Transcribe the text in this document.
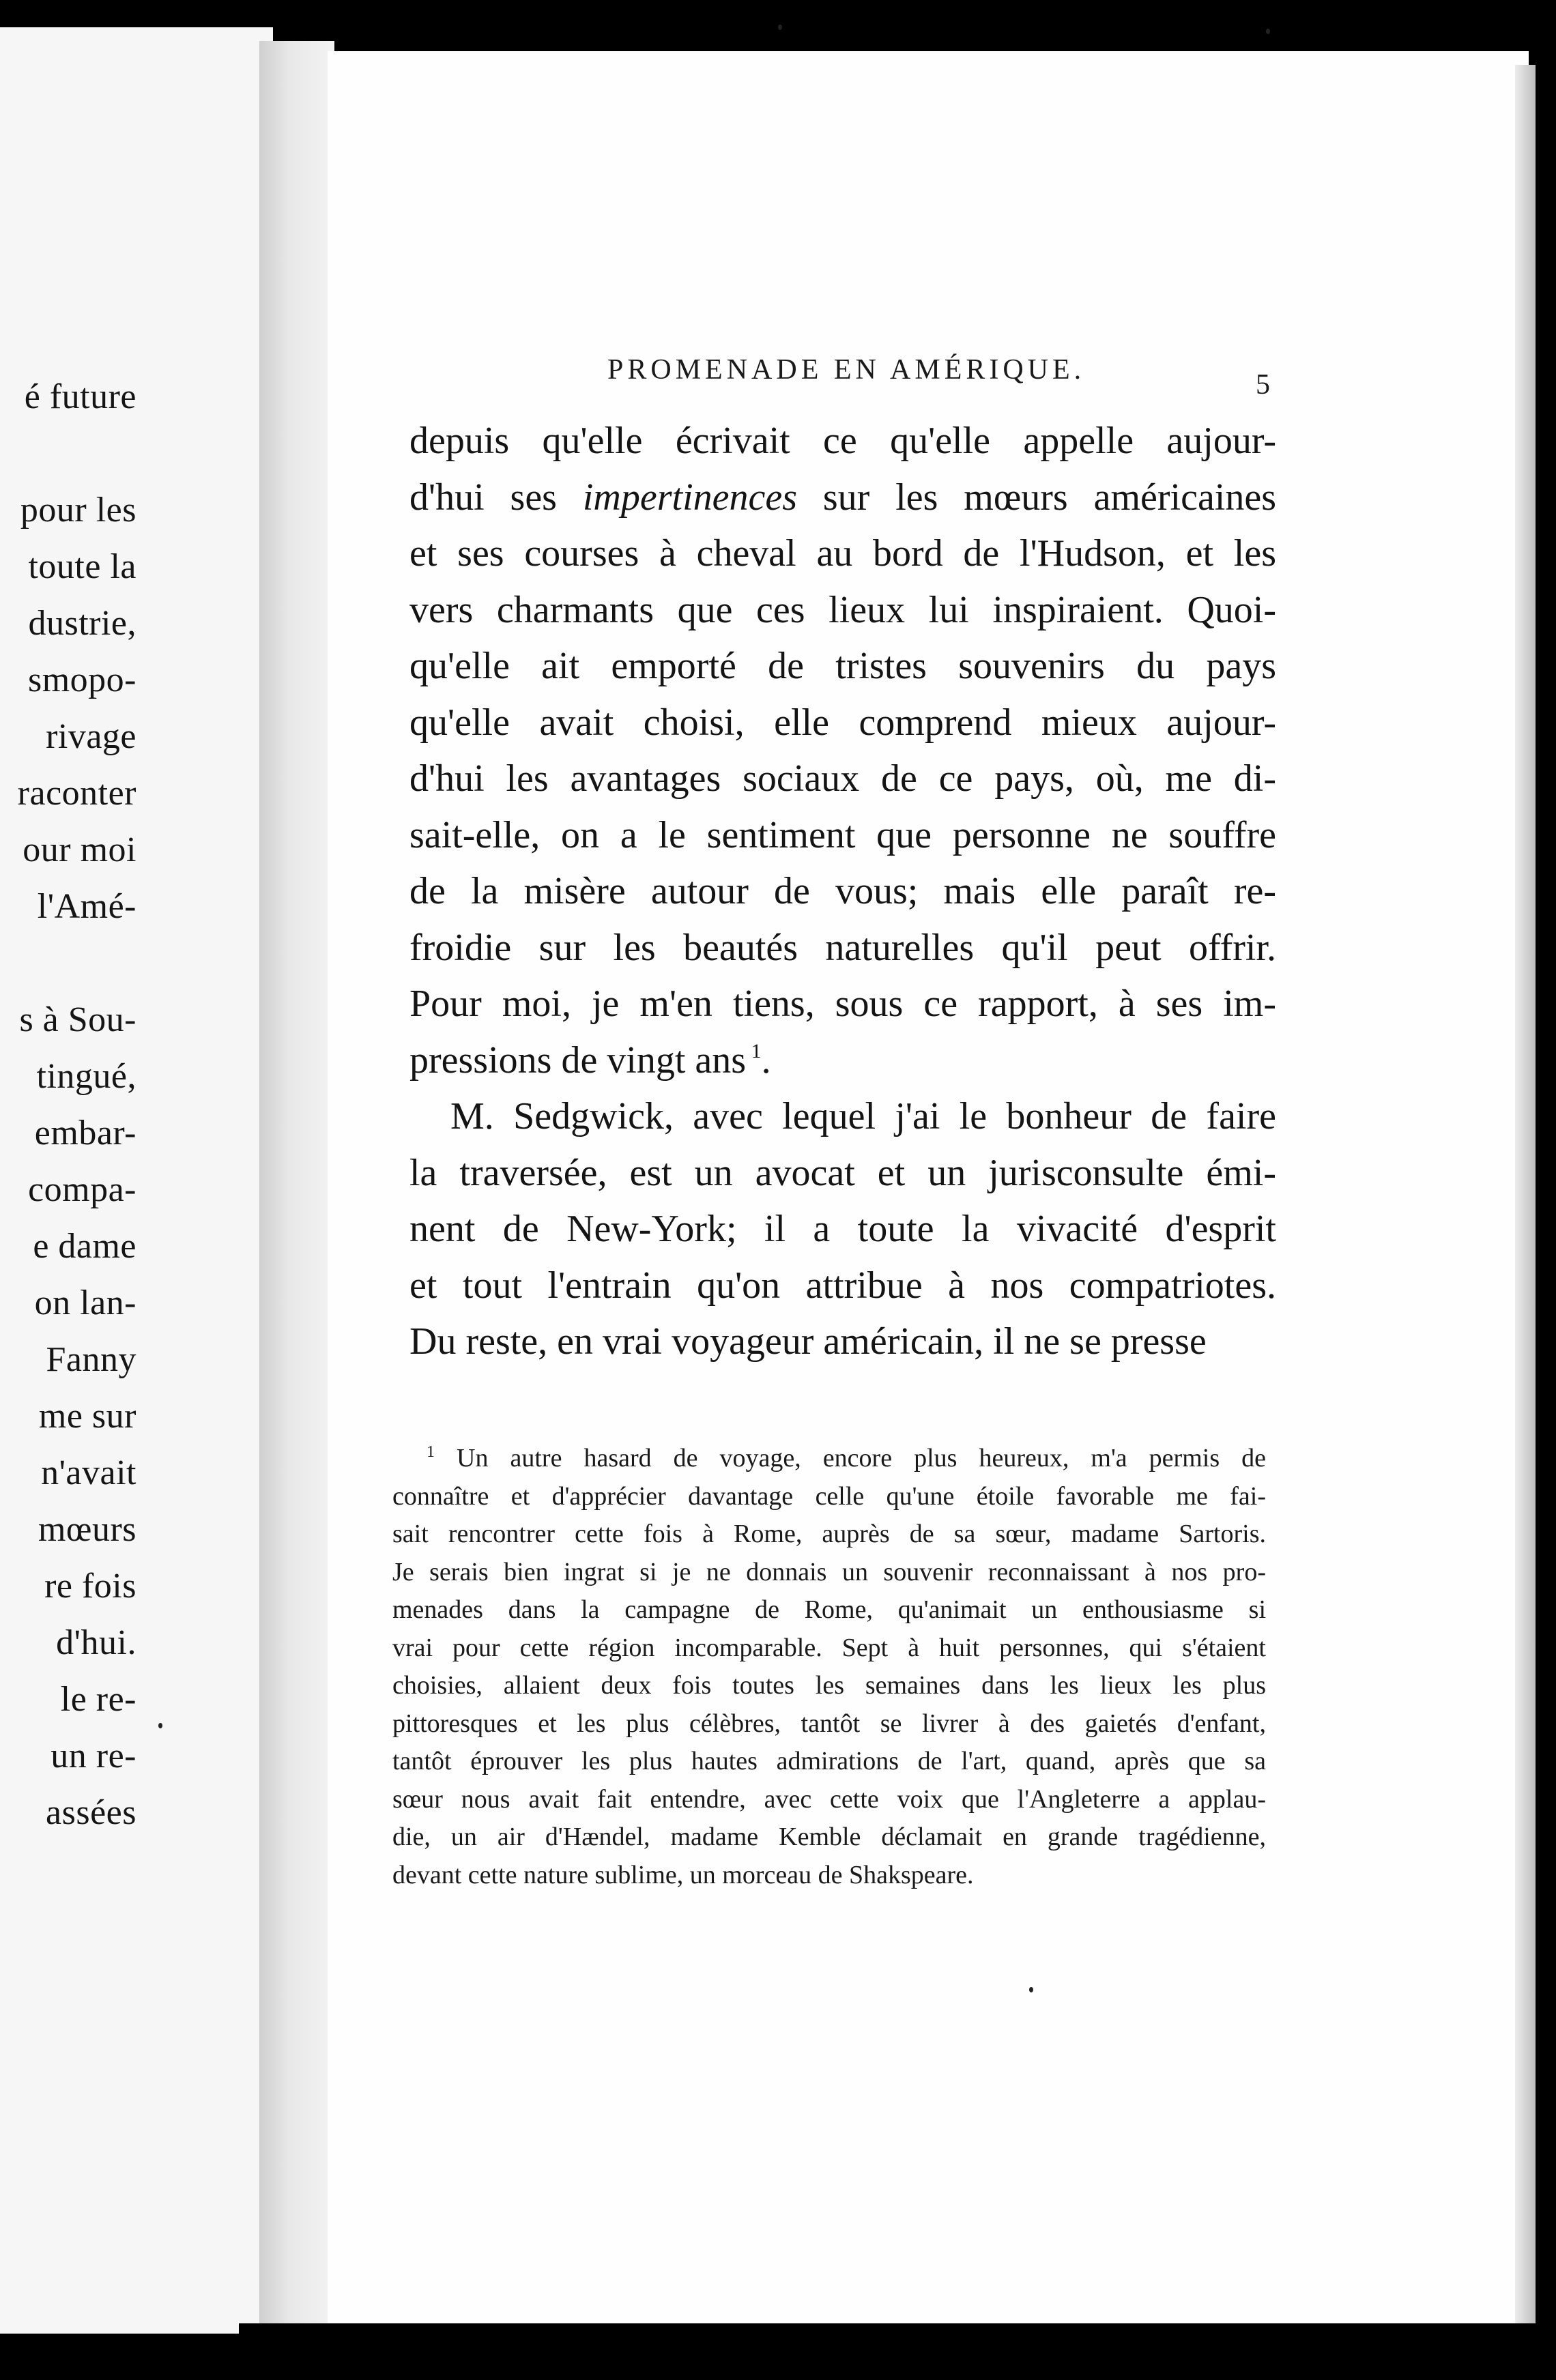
é future
pour les
toute la
dustrie,
smopo-
rivage
raconter
our moi
l'Amé-
s à Sou-
tingué,
embar-
compa-
e dame
on lan-
Fanny
me sur
n'avait
mœurs
re fois
d'hui.
le re-
un re-
assées
PROMENADE EN AMÉRIQUE.	5
depuis qu'elle écrivait ce qu'elle appelle aujour-
d'hui ses impertinences sur les mœurs américaines
et ses courses à cheval au bord de l'Hudson, et les
vers charmants que ces lieux lui inspiraient. Quoi-
qu'elle ait emporté de tristes souvenirs du pays
qu'elle avait choisi, elle comprend mieux aujour-
d'hui les avantages sociaux de ce pays, où, me di-
sait-elle, on a le sentiment que personne ne souffre
de la misère autour de vous; mais elle paraît re-
froidie sur les beautés naturelles qu'il peut offrir.
Pour moi, je m'en tiens, sous ce rapport, à ses im-
pressions de vingt ans $^1$.
M. Sedgwick, avec lequel j'ai le bonheur de faire
la traversée, est un avocat et un jurisconsulte émi-
nent de New-York; il a toute la vivacité d'esprit
et tout l'entrain qu'on attribue à nos compatriotes.
Du reste, en vrai voyageur américain, il ne se presse
$^1$ Un autre hasard de voyage, encore plus heureux, m'a permis de
connaître et d'apprécier davantage celle qu'une étoile favorable me fai-
sait rencontrer cette fois à Rome, auprès de sa sœur, madame Sartoris.
Je serais bien ingrat si je ne donnais un souvenir reconnaissant à nos pro-
menades dans la campagne de Rome, qu'animait un enthousiasme si
vrai pour cette région incomparable. Sept à huit personnes, qui s'étaient
choisies, allaient deux fois toutes les semaines dans les lieux les plus
pittoresques et les plus célèbres, tantôt se livrer à des gaietés d'enfant,
tantôt éprouver les plus hautes admirations de l'art, quand, après que sa
sœur nous avait fait entendre, avec cette voix que l'Angleterre a applau-
die, un air d'Hændel, madame Kemble déclamait en grande tragédienne,
devant cette nature sublime, un morceau de Shakspeare.
